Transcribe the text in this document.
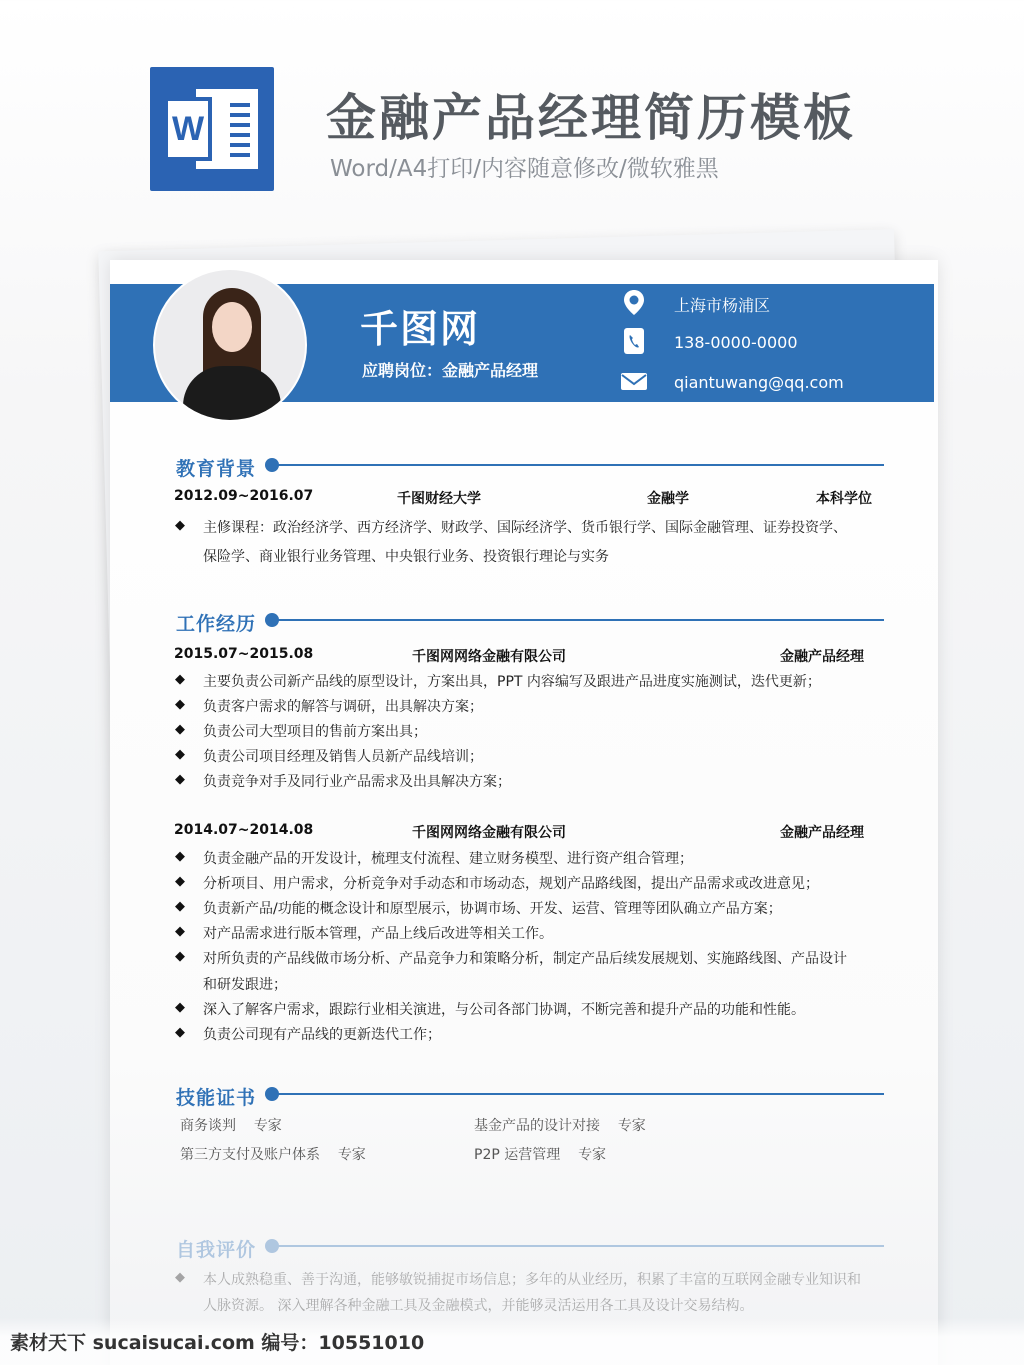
W 金融产品经理简历模板
Word/A4打印/内容随意修改/微软雅黑
千图网
应聘岗位：金融产品经理
上海市杨浦区
138-0000-0000
qiantuwang@qq.com
教育背景
2012.09~2016.07	千图财经大学	金融学	本科学位
◆ 主修课程：政治经济学、西方经济学、财政学、国际经济学、货币银行学、国际金融管理、证券投资学、
保险学、商业银行业务管理、中央银行业务、投资银行理论与实务
工作经历
2015.07~2015.08	千图网网络金融有限公司	金融产品经理
◆ 主要负责公司新产品线的原型设计，方案出具，PPT 内容编写及跟进产品进度实施测试，迭代更新；
◆ 负责客户需求的解答与调研，出具解决方案；
◆ 负责公司大型项目的售前方案出具；
◆ 负责公司项目经理及销售人员新产品线培训；
◆ 负责竞争对手及同行业产品需求及出具解决方案；
2014.07~2014.08	千图网网络金融有限公司	金融产品经理
◆ 负责金融产品的开发设计，梳理支付流程、建立财务模型、进行资产组合管理；
◆ 分析项目、用户需求，分析竞争对手动态和市场动态，规划产品路线图，提出产品需求或改进意见；
◆ 负责新产品/功能的概念设计和原型展示，协调市场、开发、运营、管理等团队确立产品方案；
◆ 对产品需求进行版本管理，产品上线后改进等相关工作。
◆ 对所负责的产品线做市场分析、产品竞争力和策略分析，制定产品后续发展规划、实施路线图、产品设计
和研发跟进；
◆ 深入了解客户需求，跟踪行业相关演进，与公司各部门协调，不断完善和提升产品的功能和性能。
◆ 负责公司现有产品线的更新迭代工作；
技能证书
商务谈判 专家	基金产品的设计对接 专家
第三方支付及账户体系 专家	P2P 运营管理 专家
自我评价
◆ 本人成熟稳重、善于沟通，能够敏锐捕捉市场信息；多年的从业经历，积累了丰富的互联网金融专业知识和
人脉资源。 深入理解各种金融工具及金融模式，并能够灵活运用各工具及设计交易结构。
素材天下 sucaisucai.com 编号：10551010
